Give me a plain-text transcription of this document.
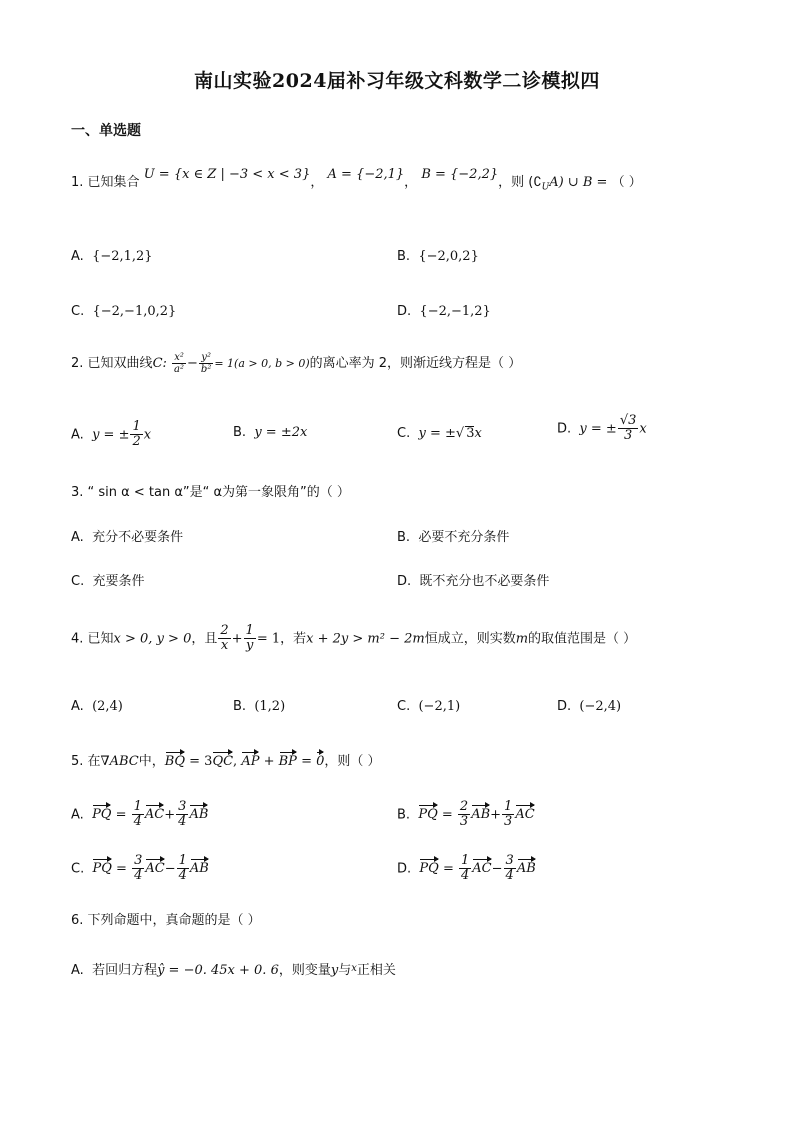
南山实验2024届补习年级文科数学二诊模拟四
一、单选题
1. 已知集合 U = {x ∈ Z | −3 < x < 3}， A = {−2,1}， B = {−2,2}，则 $(∁_UA)$ ∪ B = （ ）
A. {−2,1,2}	B. {−2,0,2}
C. {−2,−1,0,2}	D. {−2,−1,2}
2. 已知双曲线C: $\frac{\text{x²}}{\text{a²}} - \frac{\text{y²}}{\text{b²}} = 1(a > 0$, b > 0)的离心率为 2，则渐近线方程是（ ）
A. y = ± $\frac{1}{2}$ x	B. y = ±2x	C. y = ±√ 3x	D. y = ± $\frac{√3}{3}$ x
3. “ sin α < tan α”是“ α为第一象限角”的（ ）
A. 充分不必要条件	B. 必要不充分条件
C. 充要条件	D. 既不充分也不必要条件
4. 已知x > 0, y > 0，且 $\frac{2}{x} + \frac{1}{y} = 1$，若x + 2y > m² − 2m恒成立，则实数m的取值范围是（ ）
A. (2,4)	B. (1,2)	C. (−2,1)	D. (−2,4)
5. 在∇ABC中，BQ = 3QC, AP + BP = 0，则（ ）
A. PQ = $\frac{1}{4} AC+ \frac{3}{4}$ AB	B. PQ = $\frac{2}{3} AB+ \frac{1}{3}$ AC
C. PQ = $\frac{3}{4} AC- \frac{1}{4}$ AB	D. PQ = $\frac{1}{4} AC- \frac{3}{4}$ AB
6. 下列命题中，真命题的是（ ）
A. 若回归方程ŷ = −0. 45x + 0. 6，则变量y与$^x$正相关
